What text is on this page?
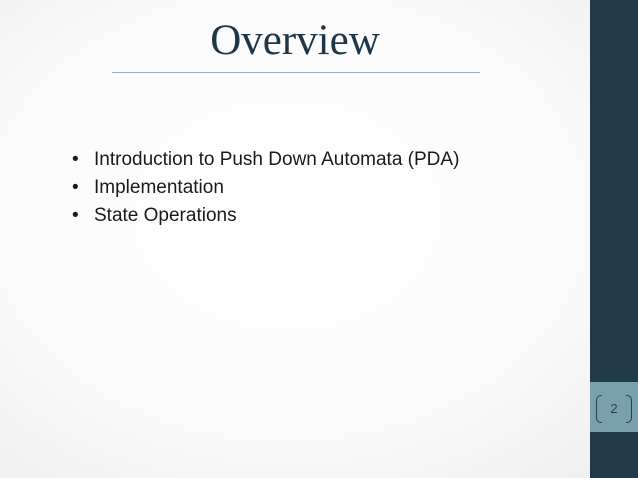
Overview
• Introduction to Push Down Automata (PDA)
• Implementation
• State Operations
2
